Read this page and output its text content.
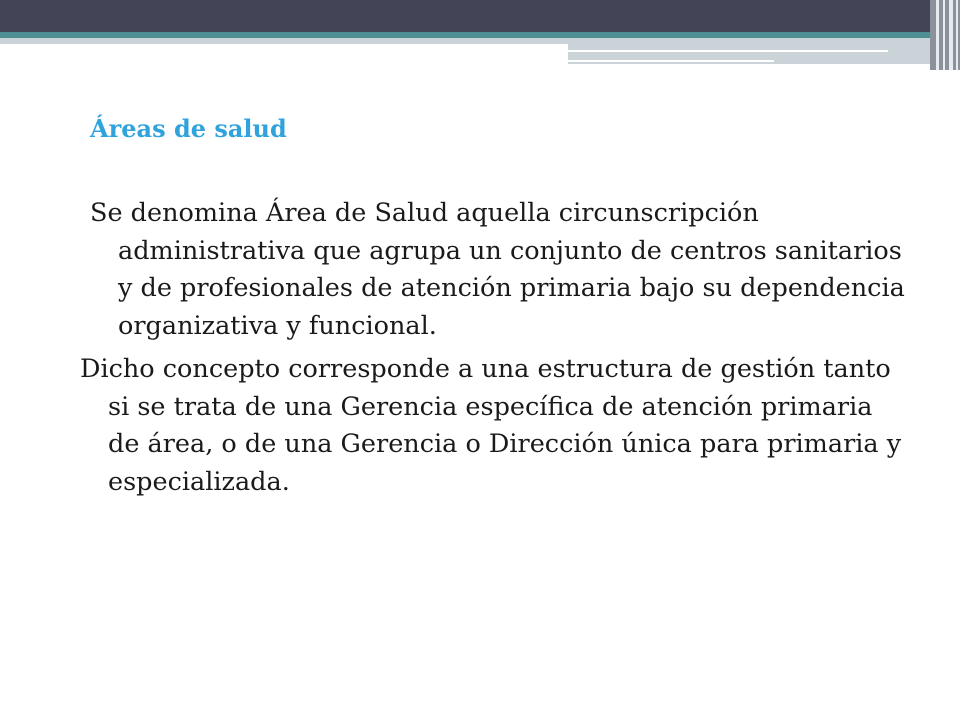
Áreas de salud

Se denomina Área de Salud aquella circunscripción administrativa que agrupa un conjunto de centros sanitarios y de profesionales de atención primaria bajo su dependencia organizativa y funcional.

Dicho concepto corresponde a una estructura de gestión tanto si se trata de una Gerencia específica de atención primaria de área, o de una Gerencia o Dirección única para primaria y especializada.
